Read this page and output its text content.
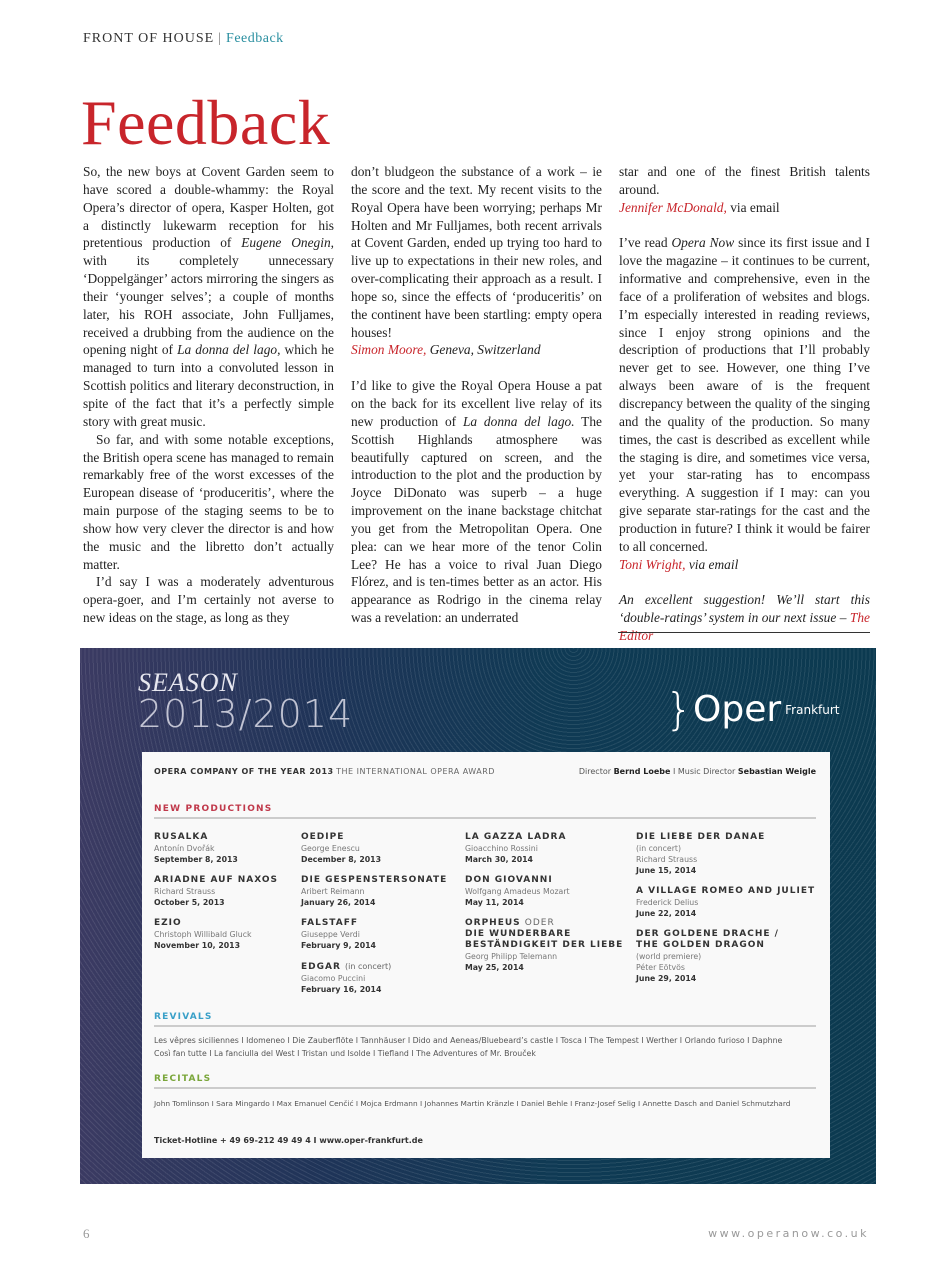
FRONT OF HOUSE | Feedback
Feedback

So, the new boys at Covent Garden seem to have scored a double-whammy: the Royal Opera’s director of opera, Kasper Holten, got a distinctly lukewarm reception for his pretentious production of Eugene Onegin, with its completely unnecessary ‘Doppelgänger’ actors mirroring the singers as their ‘younger selves’; a couple of months later, his ROH associate, John Fulljames, received a drubbing from the audience on the opening night of La donna del lago, which he managed to turn into a convoluted lesson in Scottish politics and literary deconstruction, in spite of the fact that it’s a perfectly simple story with great music.

So far, and with some notable exceptions, the British opera scene has managed to remain remarkably free of the worst excesses of the European disease of ‘produceritis’, where the main purpose of the staging seems to be to show how very clever the director is and how the music and the libretto don’t actually matter.

I’d say I was a moderately adventurous opera-goer, and I’m certainly not averse to new ideas on the stage, as long as they

don’t bludgeon the substance of a work – ie the score and the text. My recent visits to the Royal Opera have been worrying; perhaps Mr Holten and Mr Fulljames, both recent arrivals at Covent Garden, ended up trying too hard to live up to expectations in their new roles, and over-complicating their approach as a result. I hope so, since the effects of ‘produceritis’ on the continent have been startling: empty opera houses!

Simon Moore, Geneva, Switzerland

I’d like to give the Royal Opera House a pat on the back for its excellent live relay of its new production of La donna del lago. The Scottish Highlands atmosphere was beautifully captured on screen, and the introduction to the plot and the production by Joyce DiDonato was superb – a huge improvement on the inane backstage chitchat you get from the Metropolitan Opera. One plea: can we hear more of the tenor Colin Lee? He has a voice to rival Juan Diego Flórez, and is ten-times better as an actor. His appearance as Rodrigo in the cinema relay was a revelation: an underrated

star and one of the finest British talents around.

Jennifer McDonald, via email

I’ve read Opera Now since its first issue and I love the magazine – it continues to be current, informative and comprehensive, even in the face of a proliferation of websites and blogs. I’m especially interested in reading reviews, since I enjoy strong opinions and the description of productions that I’ll probably never get to see. However, one thing I’ve always been aware of is the frequent discrepancy between the quality of the singing and the quality of the production. So many times, the cast is described as excellent while the staging is dire, and sometimes vice versa, yet your star-rating has to encompass everything. A suggestion if I may: can you give separate star-ratings for the cast and the production in future? I think it would be fairer to all concerned.

Toni Wright, via email

An excellent suggestion! We’ll start this ‘double-ratings’ system in our next issue – The Editor

SEASON
2013/2014	}Oper Frankfurt
OPERA COMPANY OF THE YEAR 2013 THE INTERNATIONAL OPERA AWARD	Director Bernd Loebe I Music Director Sebastian Weigle
NEW PRODUCTIONS
RUSALKA
Antonín Dvořák
September 8, 2013
ARIADNE AUF NAXOS
Richard Strauss
October 5, 2013
EZIO
Christoph Willibald Gluck
November 10, 2013
OEDIPE
George Enescu
December 8, 2013
DIE GESPENSTERSONATE
Aribert Reimann
January 26, 2014
FALSTAFF
Giuseppe Verdi
February 9, 2014
EDGAR (in concert)
Giacomo Puccini
February 16, 2014
LA GAZZA LADRA
Gioacchino Rossini
March 30, 2014
DON GIOVANNI
Wolfgang Amadeus Mozart
May 11, 2014
ORPHEUS ODER
DIE WUNDERBARE
BESTÄNDIGKEIT DER LIEBE
Georg Philipp Telemann
May 25, 2014
DIE LIEBE DER DANAE
(in concert)
Richard Strauss
June 15, 2014
A VILLAGE ROMEO AND JULIET
Frederick Delius
June 22, 2014
DER GOLDENE DRACHE /
THE GOLDEN DRAGON
(world premiere)
Péter Eötvös
June 29, 2014
REVIVALS
Les vêpres siciliennes I Idomeneo I Die Zauberflöte I Tannhäuser I Dido and Aeneas/Bluebeard’s castle I Tosca I The Tempest I Werther I Orlando furioso I Daphne
Così fan tutte I La fanciulla del West I Tristan und Isolde I Tiefland I The Adventures of Mr. Brouček
RECITALS
John Tomlinson I Sara Mingardo I Max Emanuel Cenčić I Mojca Erdmann I Johannes Martin Kränzle I Daniel Behle I Franz-Josef Selig I Annette Dasch and Daniel Schmutzhard
Ticket-Hotline + 49 69-212 49 49 4 I www.oper-frankfurt.de
6	www.operanow.co.uk
